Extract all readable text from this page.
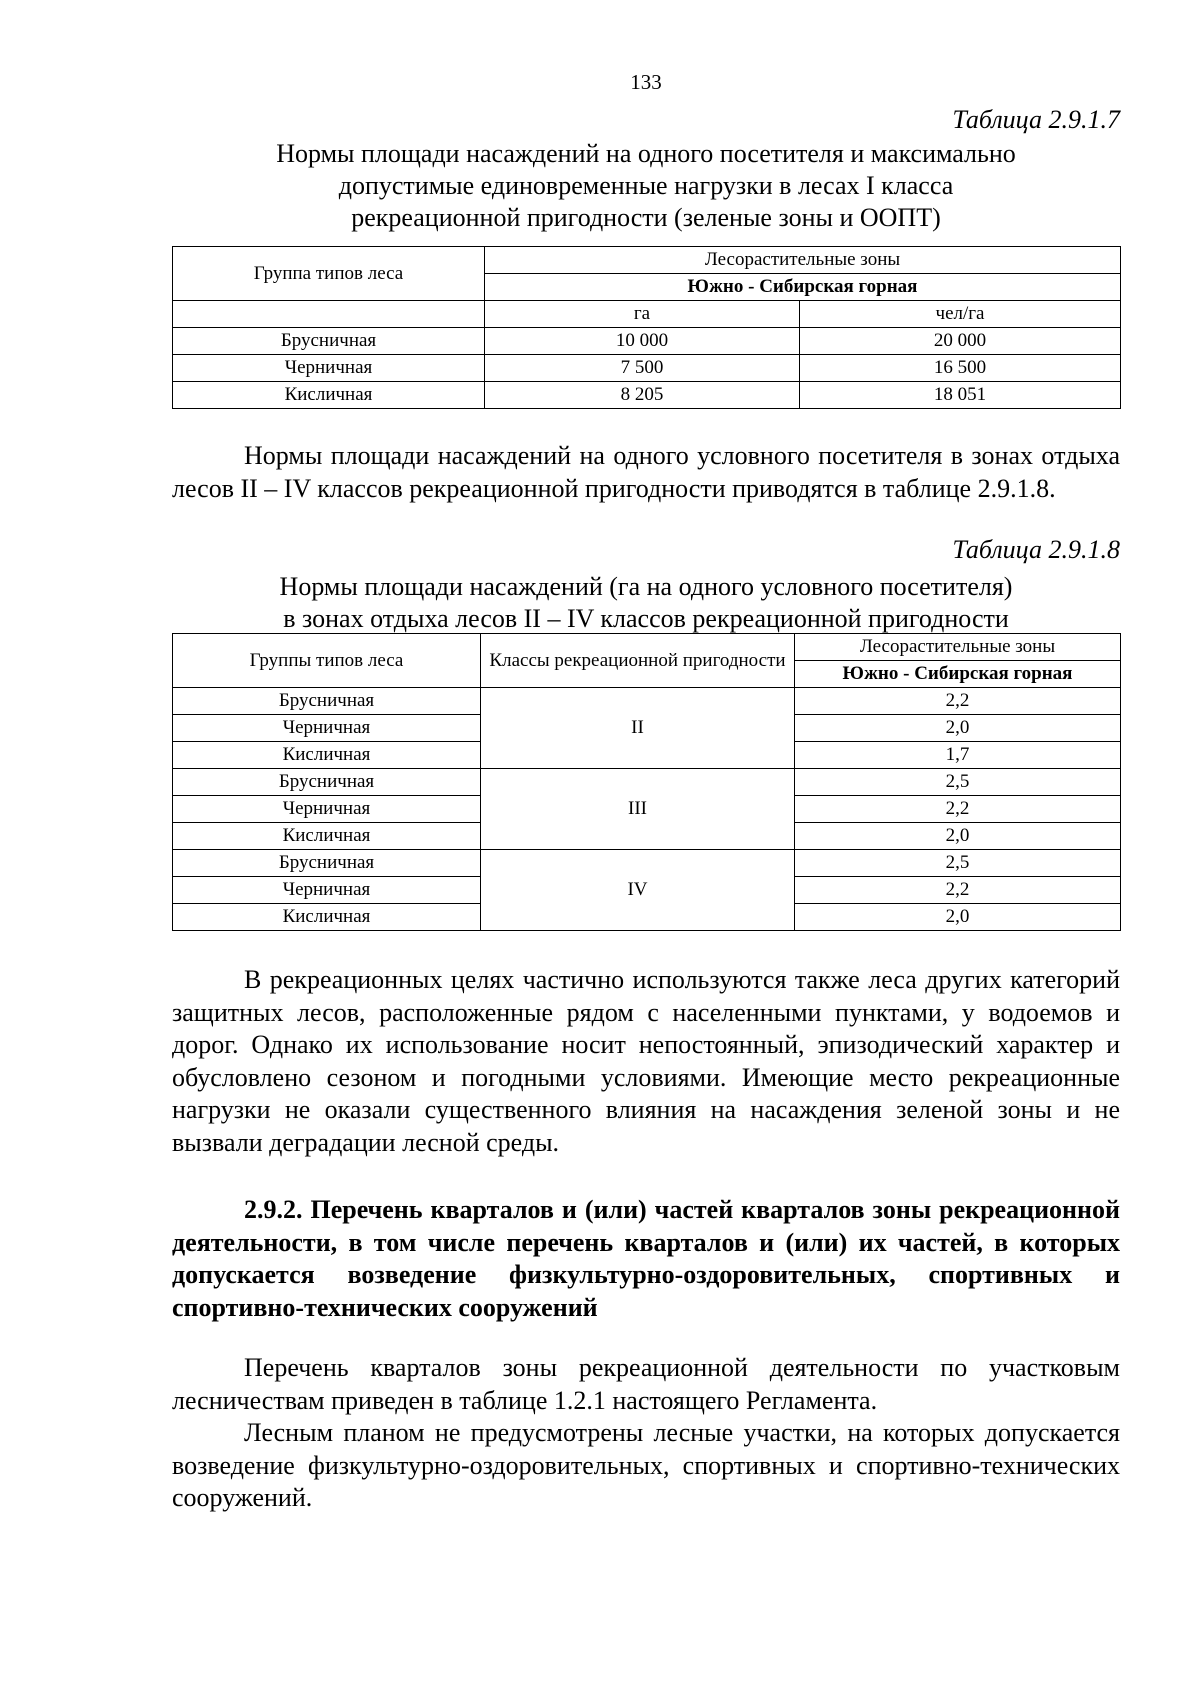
133
Таблица 2.9.1.7
Нормы площади насаждений на одного посетителя и максимально
допустимые единовременные нагрузки в лесах I класса
рекреационной пригодности (зеленые зоны и ООПТ)
Группа типов леса	Лесорастительные зоны	
	Южно - Сибирская горная	
	га	чел/га
Брусничная	10 000	20 000
Черничная	7 500	16 500
Кисличная	8 205	18 051
Нормы площади насаждений на одного условного посетителя в зонах отдыха лесов II – IV классов рекреационной пригодности приводятся в таблице 2.9.1.8.
Таблица 2.9.1.8
Нормы площади насаждений (га на одного условного посетителя)
в зонах отдыха лесов II – IV классов рекреационной пригодности
Группы типов леса	Классы рекреационной пригодности	Лесорастительные зоны
		Южно - Сибирская горная
Брусничная	II	2,2
Черничная		2,0
Кисличная		1,7
Брусничная	III	2,5
Черничная		2,2
Кисличная		2,0
Брусничная	IV	2,5
Черничная		2,2
Кисличная		2,0
В рекреационных целях частично используются также леса других категорий защитных лесов, расположенные рядом с населенными пунктами, у водоемов и дорог. Однако их использование носит непостоянный, эпизодический характер и обусловлено сезоном и погодными условиями. Имеющие место рекреационные нагрузки не оказали существенного влияния на насаждения зеленой зоны и не вызвали деградации лесной среды.
2.9.2. Перечень кварталов и (или) частей кварталов зоны рекреационной деятельности, в том числе перечень кварталов и (или) их частей, в которых допускается возведение физкультурно-оздоровительных, спортивных и спортивно-технических сооружений
Перечень кварталов зоны рекреационной деятельности по участковым лесничествам приведен в таблице 1.2.1 настоящего Регламента.
Лесным планом не предусмотрены лесные участки, на которых допускается возведение физкультурно-оздоровительных, спортивных и спортивно-технических сооружений.
